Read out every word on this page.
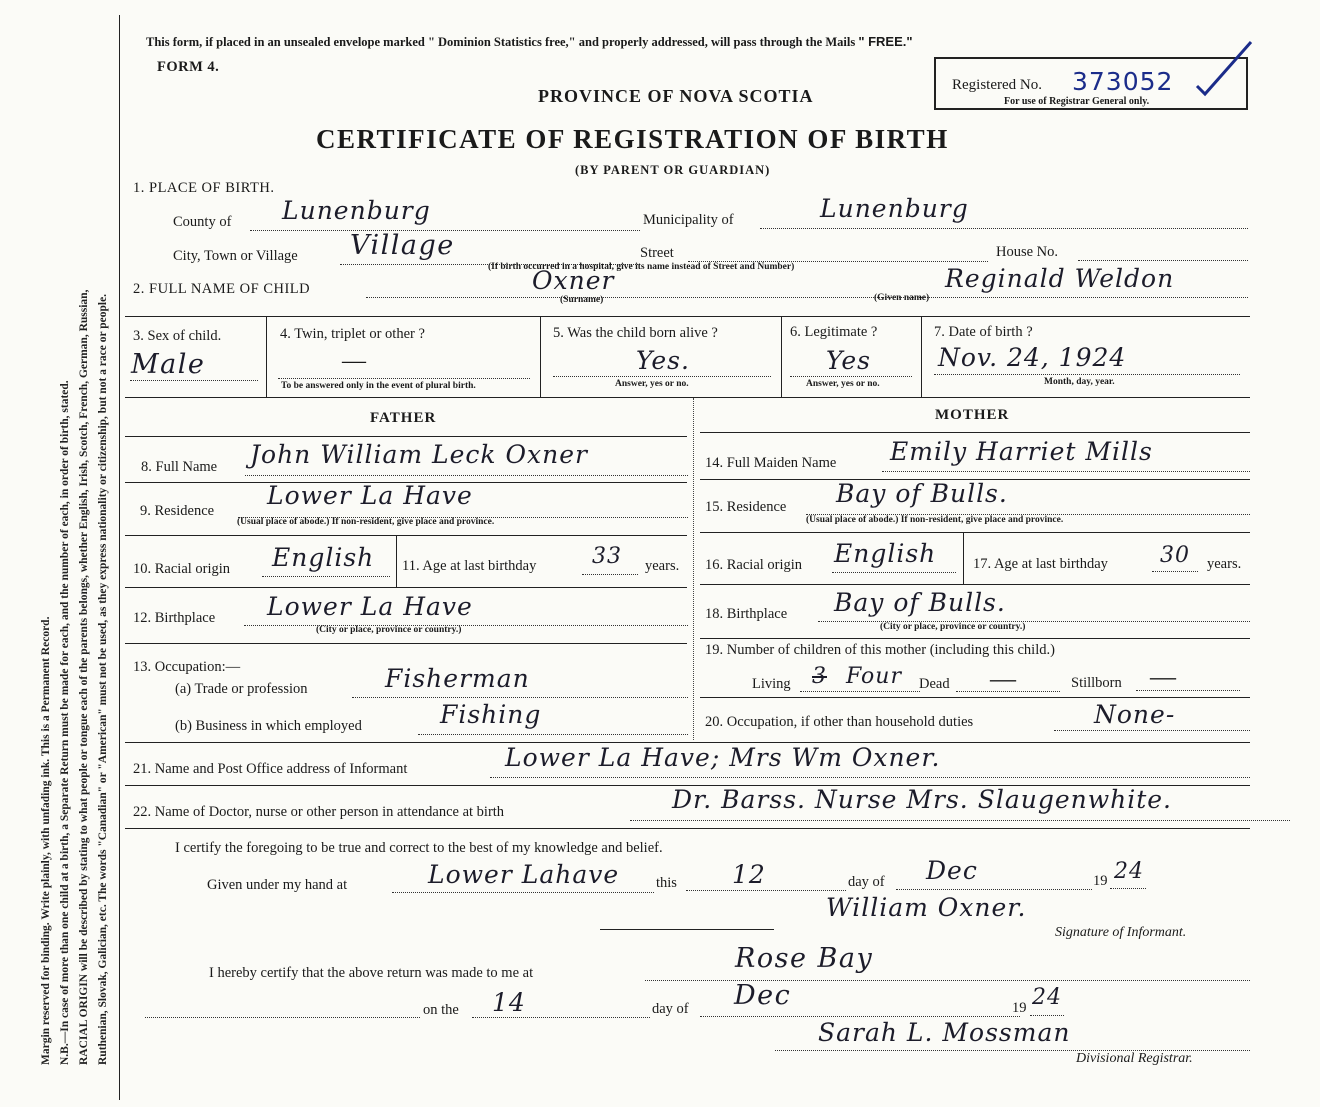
Margin reserved for binding. Write plainly, with unfading ink. This is a Permanent Record. N.B.—In case of more than one child at a birth, a Separate Return must be made for each, and the number of each, in order of birth, stated. RACIAL ORIGIN will be described by stating to what people or tongue each of the parents belongs, whether English, Irish, Scotch, French, German, Russian, Ruthenian, Slovak, Galician, etc. The words "Canadian" or "American" must not be used, as they express nationality or citizenship, but not a race or people.
This form, if placed in an unsealed envelope marked " Dominion Statistics free," and properly addressed, will pass through the Mails " FREE."
FORM 4.
PROVINCE OF NOVA SCOTIA
CERTIFICATE OF REGISTRATION OF BIRTH
(BY PARENT OR GUARDIAN)
Registered No. 373052
For use of Registrar General only.
1. PLACE OF BIRTH.
County of Lunenburg	Municipality of	Lunenburg
City, Town or Village Village
(If birth occurred in a hospital, give its name instead of Street and Number)
Street	House No.
2. FULL NAME OF CHILD	Oxner
(Surname)
Reginald Weldon
(Given name)
3. Sex of child.
Male
4. Twin, triplet or other ?
—
To be answered only in the event of plural birth.
5. Was the child born alive ?
Yes.
Answer, yes or no.
6. Legitimate ?
Yes
Answer, yes or no.
7. Date of birth ?
Nov. 24, 1924
Month, day, year.
FATHER	MOTHER
8. Full Name John William Leck Oxner
9. Residence
Lower La Have
(Usual place of abode.) If non-resident, give place and province.
10. Racial origin English 11. Age at last birthday	33 years.
12. Birthplace Lower La Have
(City or place, province or country.)
13. Occupation:—
(a) Trade or profession	Fisherman
(b) Business in which employed	Fishing
14. Full Maiden Name Emily Harriet Mills
15. Residence Bay of Bulls.
(Usual place of abode.) If non-resident, give place and province.
16. Racial origin English	17. Age at last birthday 30 years.
18. Birthplace Bay of Bulls.
(City or place, province or country.)
19. Number of children of this mother (including this child.)
Living 3 Four Dead —	Stillborn —
20. Occupation, if other than household duties	None-
21. Name and Post Office address of Informant	Lower La Have; Mrs Wm Oxner.
22. Name of Doctor, nurse or other person in attendance at birth	Dr. Barss. Nurse Mrs. Slaugenwhite.
I certify the foregoing to be true and correct to the best of my knowledge and belief.
Given under my hand at	Lower Lahave	this 12	day of Dec	19 24
William Oxner.
Signature of Informant.
I hereby certify that the above return was made to me at	Rose Bay
on the 14	day of Dec	19 24
Sarah L. Mossman
Divisional Registrar.
